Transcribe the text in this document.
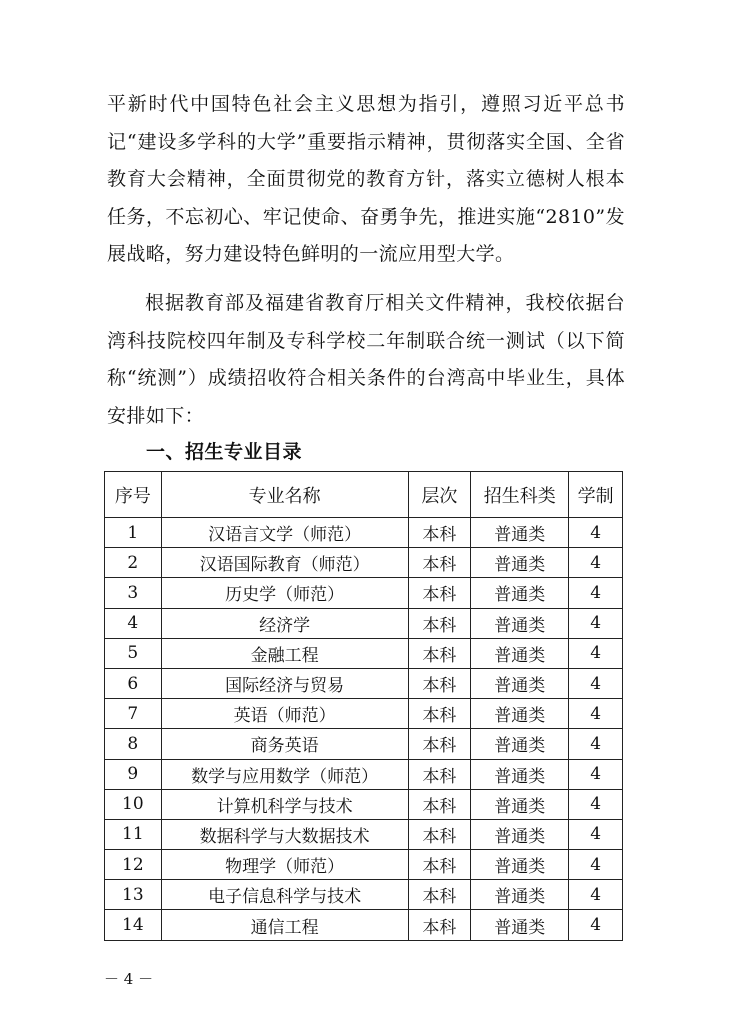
平新时代中国特色社会主义思想为指引，遵照习近平总书记“建设多学科的大学”重要指示精神，贯彻落实全国、全省教育大会精神，全面贯彻党的教育方针，落实立德树人根本任务，不忘初心、牢记使命、奋勇争先，推进实施“2810”发展战略，努力建设特色鲜明的一流应用型大学。

根据教育部及福建省教育厅相关文件精神，我校依据台湾科技院校四年制及专科学校二年制联合统一测试（以下简称“统测”）成绩招收符合相关条件的台湾高中毕业生，具体安排如下：

一、招生专业目录
序号	专业名称	层次	招生科类	学制
1	汉语言文学（师范）	本科	普通类	4
2	汉语国际教育（师范）	本科	普通类	4
3	历史学（师范）	本科	普通类	4
4	经济学	本科	普通类	4
5	金融工程	本科	普通类	4
6	国际经济与贸易	本科	普通类	4
7	英语（师范）	本科	普通类	4
8	商务英语	本科	普通类	4
9	数学与应用数学（师范）	本科	普通类	4
10	计算机科学与技术	本科	普通类	4
11	数据科学与大数据技术	本科	普通类	4
12	物理学（师范）	本科	普通类	4
13	电子信息科学与技术	本科	普通类	4
14	通信工程	本科	普通类	4

－ 4 －
